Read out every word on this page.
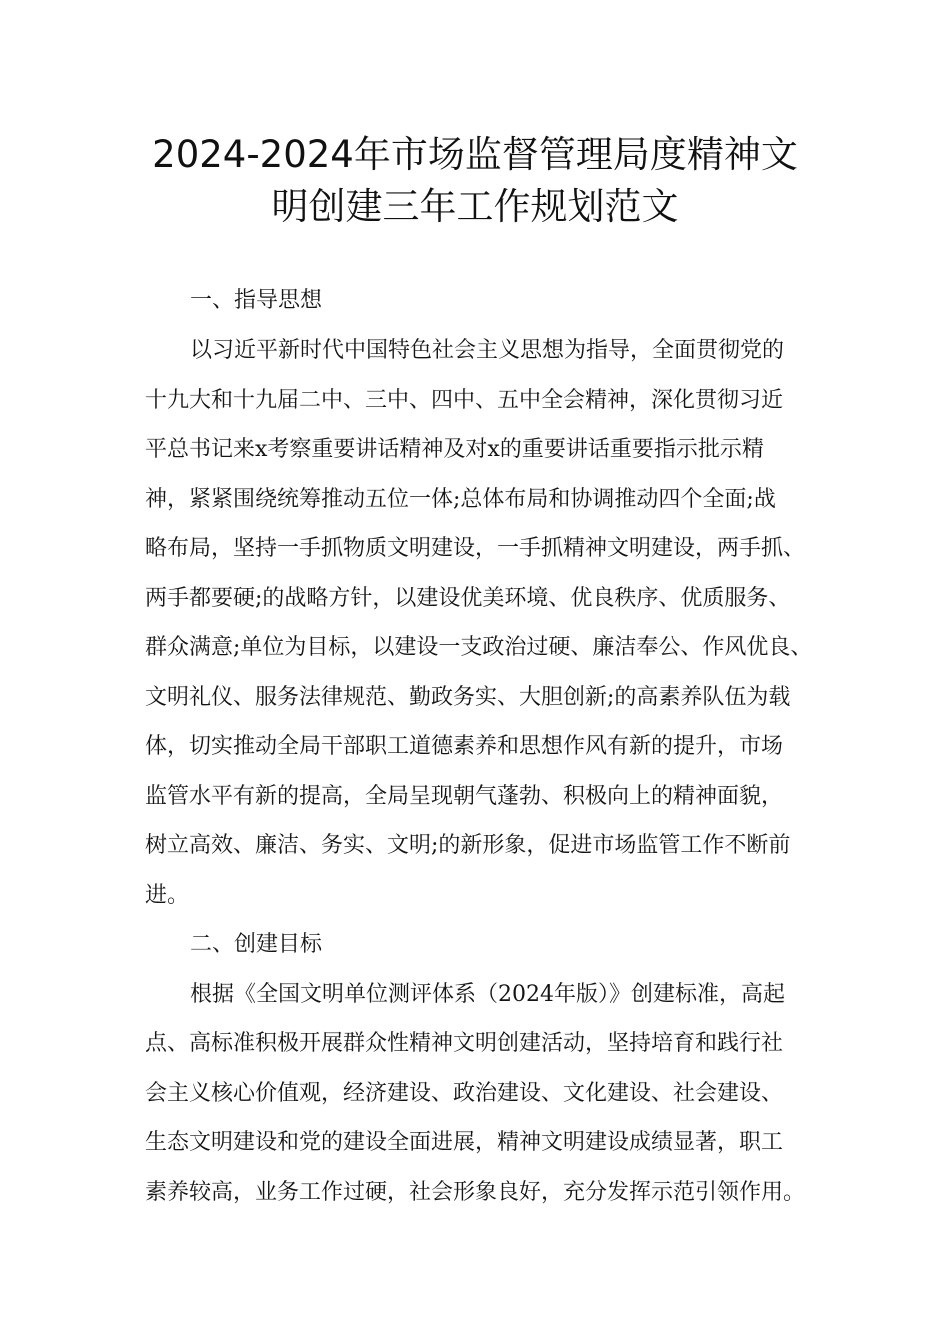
2024-2024年市场监督管理局度精神文
明创建三年工作规划范文
一、指导思想
以习近平新时代中国特色社会主义思想为指导，全面贯彻党的
十九大和十九届二中、三中、四中、五中全会精神，深化贯彻习近
平总书记来x考察重要讲话精神及对x的重要讲话重要指示批示精
神，紧紧围绕统筹推动五位一体;总体布局和协调推动四个全面;战
略布局，坚持一手抓物质文明建设，一手抓精神文明建设，两手抓、
两手都要硬;的战略方针，以建设优美环境、优良秩序、优质服务、
群众满意;单位为目标，以建设一支政治过硬、廉洁奉公、作风优良、
文明礼仪、服务法律规范、勤政务实、大胆创新;的高素养队伍为载
体，切实推动全局干部职工道德素养和思想作风有新的提升，市场
监管水平有新的提高，全局呈现朝气蓬勃、积极向上的精神面貌，
树立高效、廉洁、务实、文明;的新形象，促进市场监管工作不断前
进。
二、创建目标
根据《全国文明单位测评体系（2024年版）》创建标准，高起
点、高标准积极开展群众性精神文明创建活动，坚持培育和践行社
会主义核心价值观，经济建设、政治建设、文化建设、社会建设、
生态文明建设和党的建设全面进展，精神文明建设成绩显著，职工
素养较高，业务工作过硬，社会形象良好，充分发挥示范引领作用。
